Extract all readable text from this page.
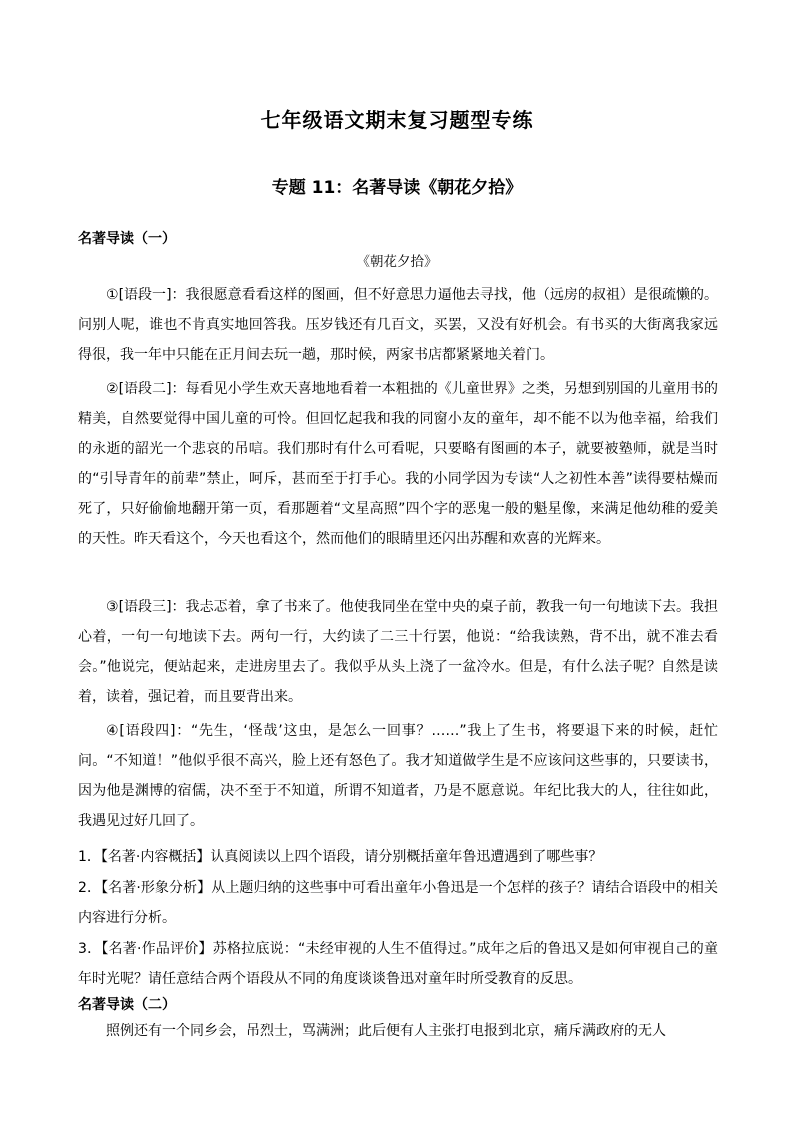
七年级语文期末复习题型专练
专题 11：名著导读《朝花夕拾》
名著导读（一）
《朝花夕拾》
①[语段一]：我很愿意看看这样的图画，但不好意思力逼他去寻找，他（远房的叔祖）是很疏懒的。问别人呢，谁也不肯真实地回答我。压岁钱还有几百文，买罢，又没有好机会。有书买的大街离我家远得很，我一年中只能在正月间去玩一趟，那时候，两家书店都紧紧地关着门。
②[语段二]：每看见小学生欢天喜地地看着一本粗拙的《儿童世界》之类，另想到别国的儿童用书的精美，自然要觉得中国儿童的可怜。但回忆起我和我的同窗小友的童年，却不能不以为他幸福，给我们的永逝的韶光一个悲哀的吊唁。我们那时有什么可看呢，只要略有图画的本子，就要被塾师，就是当时的“引导青年的前辈”禁止，呵斥，甚而至于打手心。我的小同学因为专读“人之初性本善”读得要枯燥而死了，只好偷偷地翻开第一页，看那题着“文星高照”四个字的恶鬼一般的魁星像，来满足他幼稚的爱美的天性。昨天看这个，今天也看这个，然而他们的眼睛里还闪出苏醒和欢喜的光辉来。
③[语段三]：我忐忑着，拿了书来了。他使我同坐在堂中央的桌子前，教我一句一句地读下去。我担心着，一句一句地读下去。两句一行，大约读了二三十行罢，他说：“给我读熟，背不出，就不准去看会。”他说完，便站起来，走进房里去了。我似乎从头上浇了一盆冷水。但是，有什么法子呢？自然是读着，读着，强记着，而且要背出来。
④[语段四]：“先生，‘怪哉’这虫，是怎么一回事？……”我上了生书，将要退下来的时候，赶忙问。“不知道！”他似乎很不高兴，脸上还有怒色了。我才知道做学生是不应该问这些事的，只要读书，因为他是渊博的宿儒，决不至于不知道，所谓不知道者，乃是不愿意说。年纪比我大的人，往往如此，我遇见过好几回了。
1．【名著·内容概括】认真阅读以上四个语段，请分别概括童年鲁迅遭遇到了哪些事？
2．【名著·形象分析】从上题归纳的这些事中可看出童年小鲁迅是一个怎样的孩子？请结合语段中的相关内容进行分析。
3．【名著·作品评价】苏格拉底说：“未经审视的人生不值得过。”成年之后的鲁迅又是如何审视自己的童年时光呢？请任意结合两个语段从不同的角度谈谈鲁迅对童年时所受教育的反思。
名著导读（二）
照例还有一个同乡会，吊烈士，骂满洲；此后便有人主张打电报到北京，痛斥满政府的无人
